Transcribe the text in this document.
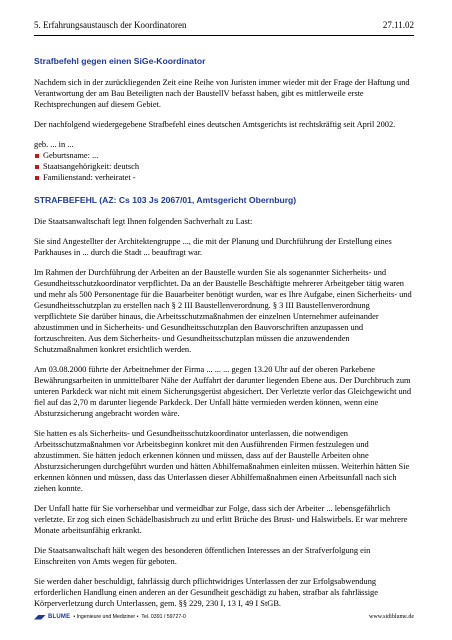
5. Erfahrungsaustausch der Koordinatoren	27.11.02
Strafbefehl gegen einen SiGe-Koordinator

Nachdem sich in der zurückliegenden Zeit eine Reihe von Juristen immer wieder mit der Frage der Haftung und Verantwortung der am Bau Beteiligten nach der BaustellV befasst haben, gibt es mittlerweile erste Rechtsprechungen auf diesem Gebiet.

Der nachfolgend wiedergegebene Strafbefehl eines deutschen Amtsgerichts ist rechtskräftig seit April 2002.

geb. ... in ...
Geburtsname: ...
Staatsangehörigkeit: deutsch
Familienstand: verheiratet -
STRAFBEFEHL (AZ: Cs 103 Js 2067/01, Amtsgericht Obernburg)

Die Staatsanwaltschaft legt Ihnen folgenden Sachverhalt zu Last:

Sie sind Angestellter der Architektengruppe ..., die mit der Planung und Durchführung der Erstellung eines Parkhauses in ... durch die Stadt ... beauftragt war.

Im Rahmen der Durchführung der Arbeiten an der Baustelle wurden Sie als sogenannter Sicherheits- und Gesundheitsschutzkoordinator verpflichtet. Da an der Baustelle Beschäftigte mehrerer Arbeitgeber tätig waren und mehr als 500 Personentage für die Bauarbeiter benötigt wurden, war es Ihre Aufgabe, einen Sicherheits- und Gesundheitsschutzplan zu erstellen nach § 2 III Baustellenverordnung. § 3 III Baustellenverordnung verpflichtete Sie darüber hinaus, die Arbeitsschutzmaßnahmen der einzelnen Unternehmer aufeinander abzustimmen und in Sicherheits- und Gesundheitsschutzplan den Bauvorschriften anzupassen und fortzuschreiten. Aus dem Sicherheits- und Gesundheitsschutzplan müssen die anzuwendenden Schutzmaßnahmen konkret ersichtlich werden.

Am 03.08.2000 führte der Arbeitnehmer der Firma ... ... ... gegen 13.20 Uhr auf der oberen Parkebene Bewährungsarbeiten in unmittelbarer Nähe der Auffahrt der darunter liegenden Ebene aus. Der Durchbruch zum unteren Parkdeck war nicht mit einem Sicherungsgerüst abgesichert. Der Verletzte verlor das Gleichgewicht und fiel auf das 2,70 m darunter liegende Parkdeck. Der Unfall hätte vermieden werden können, wenn eine Absturzsicherung angebracht worden wäre.

Sie hatten es als Sicherheits- und Gesundheitsschutzkoordinator unterlassen, die notwendigen Arbeitsschutzmaßnahmen vor Arbeitsbeginn konkret mit den Ausführenden Firmen festzulegen und abzustimmen. Sie hätten jedoch erkennen können und müssen, dass auf der Baustelle Arbeiten ohne Absturzsicherungen durchgeführt wurden und hätten Abhilfemaßnahmen einleiten müssen. Weiterhin hätten Sie erkennen können und müssen, dass das Unterlassen dieser Abhilfemaßnahmen einen Arbeitsunfall nach sich ziehen konnte.

Der Unfall hatte für Sie vorhersehbar und vermeidbar zur Folge, dass sich der Arbeiter ... lebensgefährlich verletzte. Er zog sich einen Schädelbasisbruch zu und erlitt Brüche des Brust- und Halswirbels. Er war mehrere Monate arbeitsunfähig erkrankt.

Die Staatsanwaltschaft hält wegen des besonderen öffentlichen Interesses an der Strafverfolgung ein Einschreiten von Amts wegen für geboten.

Sie werden daher beschuldigt, fahrlässig durch pflichtwidriges Unterlassen der zur Erfolgsabwendung erforderlichen Handlung einen anderen an der Gesundheit geschädigt zu haben, strafbar als fahrlässige Körperverletzung durch Unterlassen, gem. §§ 229, 230 I, 13 I, 49 I StGB.

BLUME • Ingenieure und Mediziner • Tel. 0391 / 59727-0	www.sidiblume.de
